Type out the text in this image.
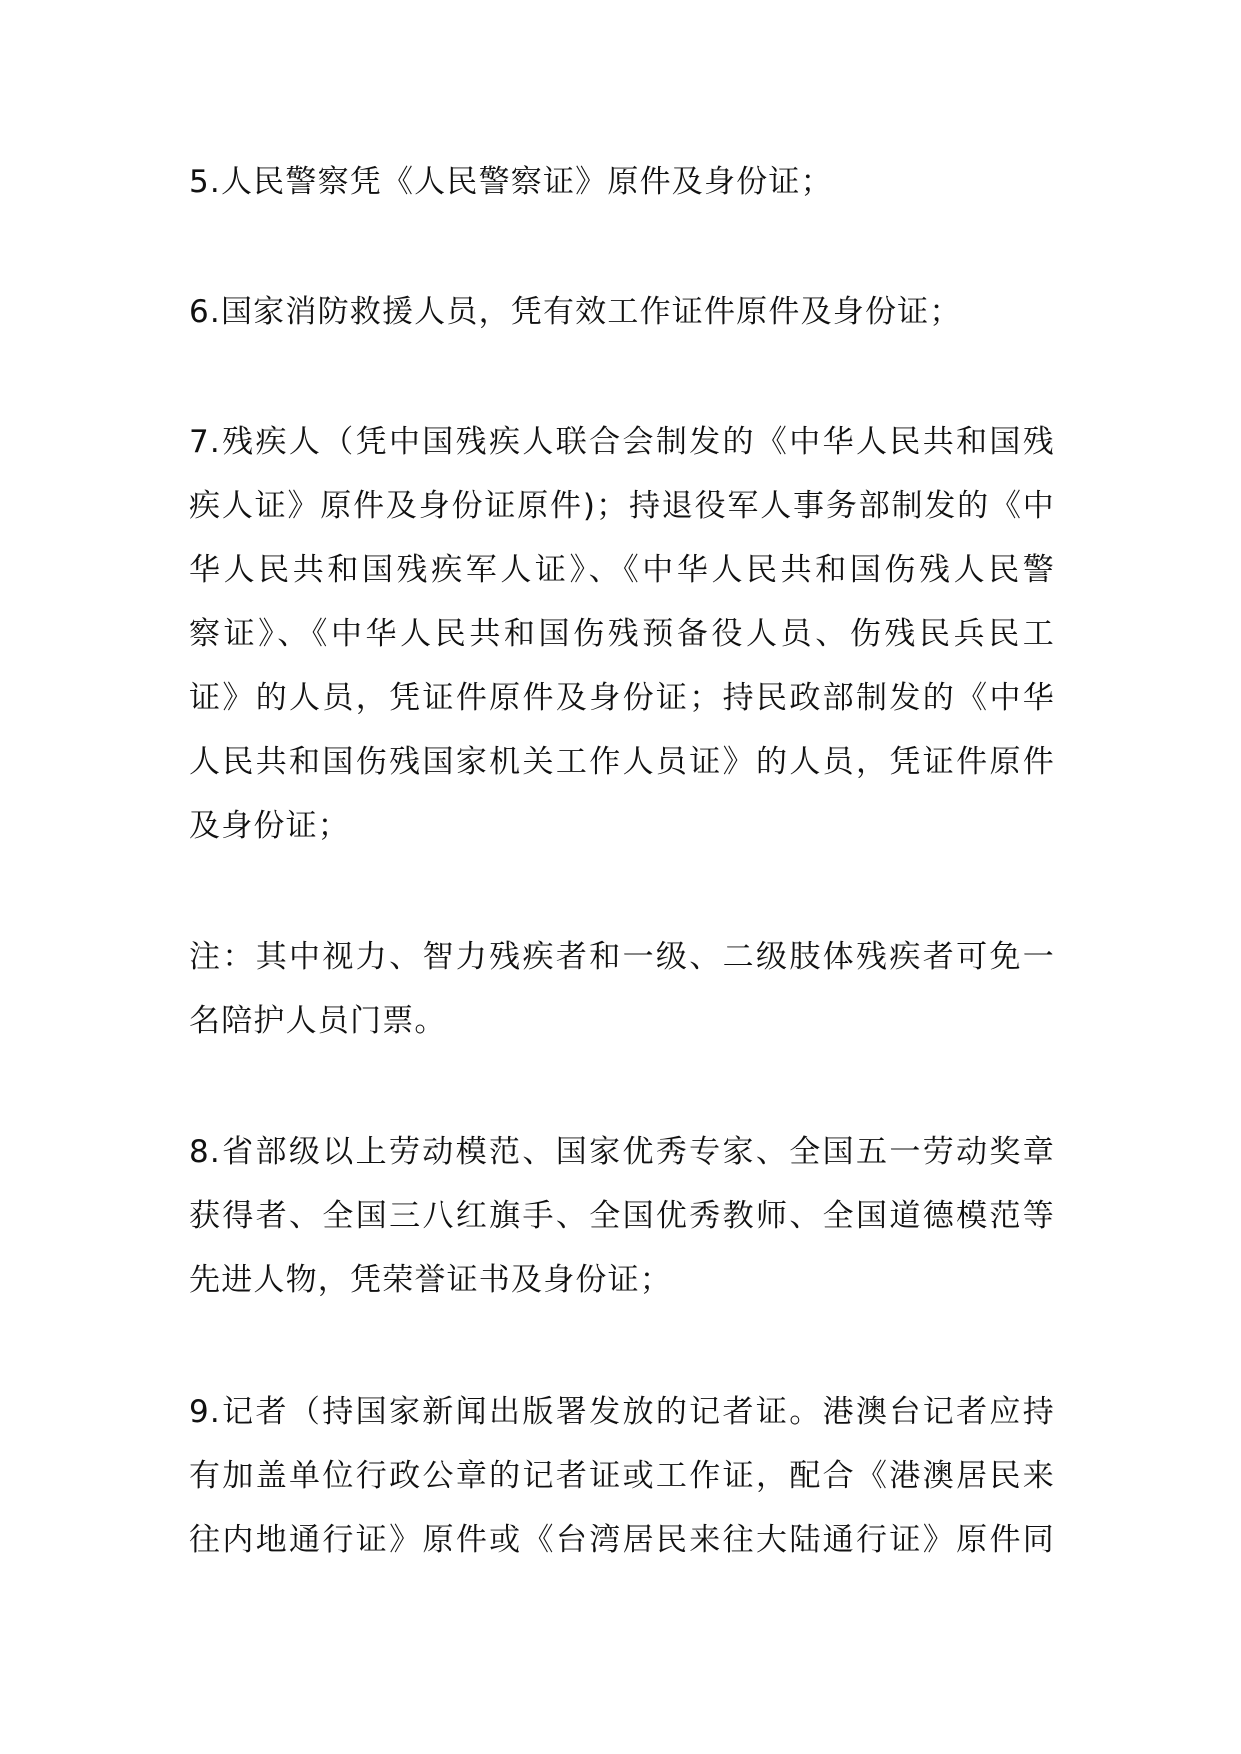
5.人民警察凭《人民警察证》原件及身份证；
6.国家消防救援人员，凭有效工作证件原件及身份证；
7.残疾人（凭中国残疾人联合会制发的《中华人民共和国残
疾人证》原件及身份证原件)；持退役军人事务部制发的《中
华人民共和国残疾军人证》、《中华人民共和国伤残人民警
察证》、《中华人民共和国伤残预备役人员、伤残民兵民工
证》的人员，凭证件原件及身份证；持民政部制发的《中华
人民共和国伤残国家机关工作人员证》的人员，凭证件原件
及身份证；
注：其中视力、智力残疾者和一级、二级肢体残疾者可免一
名陪护人员门票。
8.省部级以上劳动模范、国家优秀专家、全国五一劳动奖章
获得者、全国三八红旗手、全国优秀教师、全国道德模范等
先进人物，凭荣誉证书及身份证；
9.记者（持国家新闻出版署发放的记者证。港澳台记者应持
有加盖单位行政公章的记者证或工作证，配合《港澳居民来
往内地通行证》原件或《台湾居民来往大陆通行证》原件同
